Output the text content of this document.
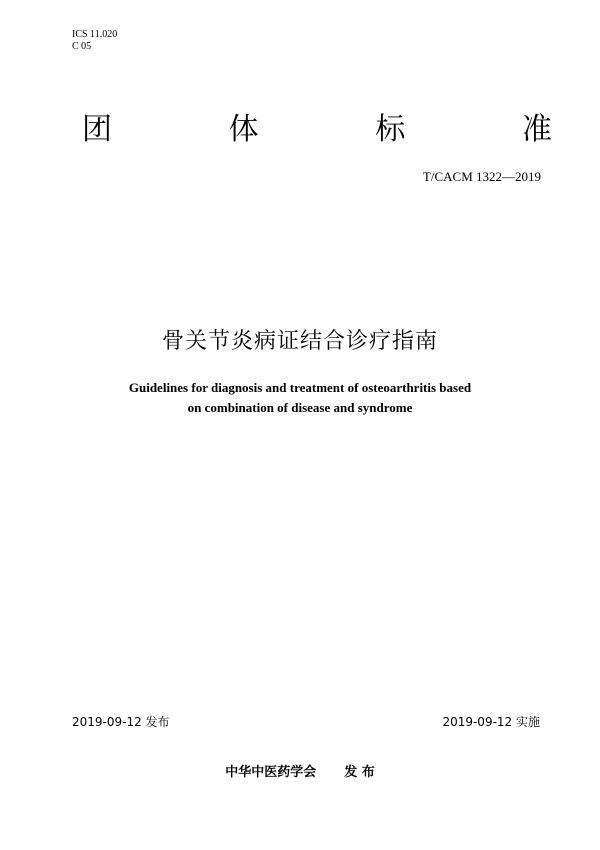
ICS 11.020
C 05
团	体	标	准
T/CACM 1322—2019
骨关节炎病证结合诊疗指南
Guidelines for diagnosis and treatment of osteoarthritis based
on combination of disease and syndrome
2019-09-12 发布	2019-09-12 实施
中华中医药学会 发 布
